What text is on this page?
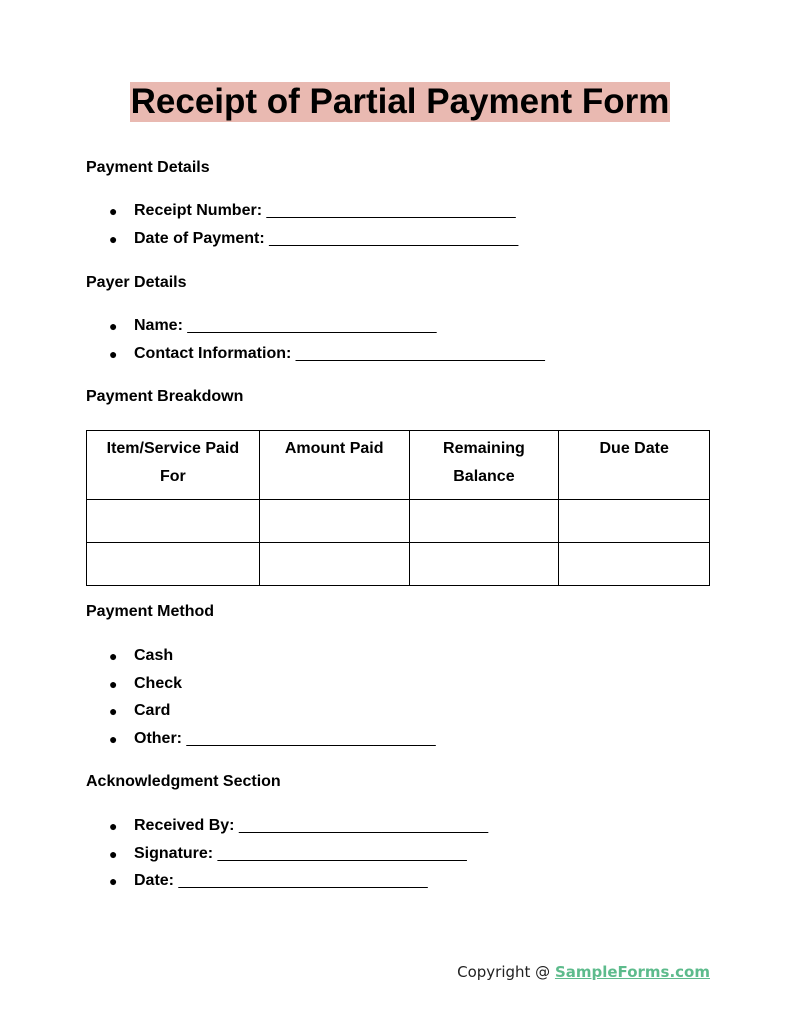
Receipt of Partial Payment Form
Payment Details
● Receipt Number: ____________________________
● Date of Payment: ____________________________
Payer Details
● Name: ____________________________
● Contact Information: ____________________________
Payment Breakdown
Item/Service Paid For	Amount Paid	Remaining Balance	Due Date

Payment Method
● Cash
● Check
● Card
● Other: ____________________________
Acknowledgment Section
● Received By: ____________________________
● Signature: ____________________________
● Date: ____________________________
Copyright @ SampleForms.com
